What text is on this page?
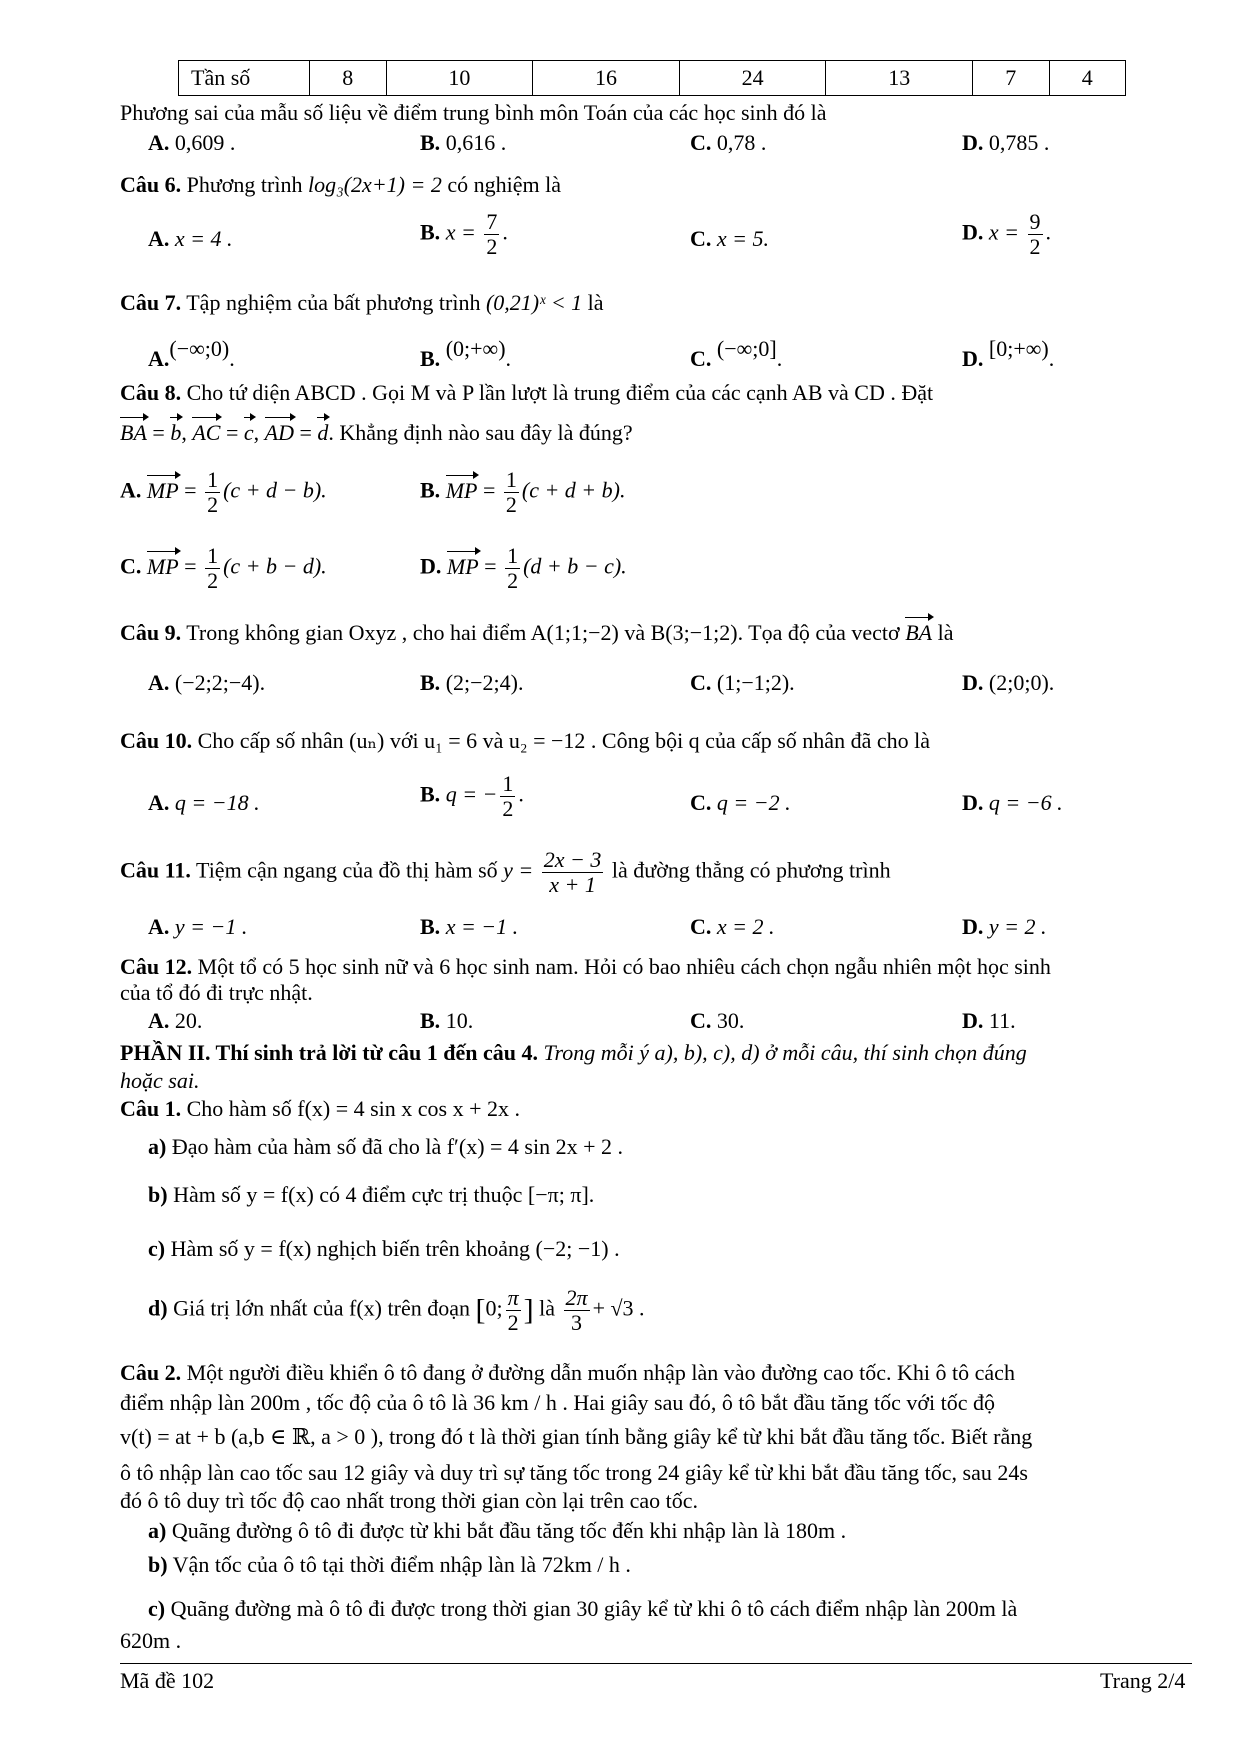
Tần số	8	10	16	24	13	7	4
Phương sai của mẫu số liệu về điểm trung bình môn Toán của các học sinh đó là
A. 0,609 .	B. 0,616 .	C. 0,78 .	D. 0,785 .
Câu 6. Phương trình log₃(2x+1) = 2 có nghiệm là
A. x = 4 .	B. $x = \frac{7}{2}$ .	C. x = 5.	D. $x = \frac{9}{2}$ .
Câu 7. Tập nghiệm của bất phương trình (0,21)ˣ < 1 là
A.(−∞;0).	B. (0;+∞).	C. (−∞;0].	D. [0;+∞).
Câu 8. Cho tứ diện ABCD . Gọi M và P lần lượt là trung điểm của các cạnh AB và CD . Đặt
BA = b, AC = c, AD = d. Khẳng định nào sau đây là đúng?
A. MP = $\frac{1}{2} (c + d - b)$.	B. MP = $\frac{1}{2} (c + d + b)$.
C. MP = $\frac{1}{2} (c + b - d)$.	D. MP = $\frac{1}{2} (d + b - c)$.
Câu 9. Trong không gian Oxyz , cho hai điểm A(1;1;−2) và B(3;−1;2). Tọa độ của vectơ BA là
A. (−2;2;−4).	B. (2;−2;4).	C. (1;−1;2).	D. (2;0;0).
Câu 10. Cho cấp số nhân (uₙ) với u₁ = 6 và u₂ = −12 . Công bội q của cấp số nhân đã cho là
A. q = −18 .	B. q = − $\frac{1}{2}$ .	C. q = −2 .	D. q = −6 .
Câu 11. Tiệm cận ngang của đồ thị hàm số $y = \frac{2x - 3}{x + 1}$ là đường thẳng có phương trình
A. y = −1 .	B. x = −1 .	C. x = 2 .	D. y = 2 .
Câu 12. Một tổ có 5 học sinh nữ và 6 học sinh nam. Hỏi có bao nhiêu cách chọn ngẫu nhiên một học sinh
của tổ đó đi trực nhật.
A. 20.	B. 10.	C. 30.	D. 11.
PHẦN II. Thí sinh trả lời từ câu 1 đến câu 4. Trong mỗi ý a), b), c), d) ở mỗi câu, thí sinh chọn đúng
hoặc sai.
Câu 1. Cho hàm số f(x) = 4 sin x cos x + 2x .
a) Đạo hàm của hàm số đã cho là f′(x) = 4 sin 2x + 2 .
b) Hàm số y = f(x) có 4 điểm cực trị thuộc [−π; π].
c) Hàm số y = f(x) nghịch biến trên khoảng (−2; −1) .
d) Giá trị lớn nhất của f(x) trên đoạn [0; $\frac{\pi}{2}$ ] là $\frac{2\pi}{3} + √3$ .
Câu 2. Một người điều khiển ô tô đang ở đường dẫn muốn nhập làn vào đường cao tốc. Khi ô tô cách
điểm nhập làn 200m , tốc độ của ô tô là 36 km / h . Hai giây sau đó, ô tô bắt đầu tăng tốc với tốc độ
v(t) = at + b (a,b ∈ ℝ, a > 0 ), trong đó t là thời gian tính bằng giây kể từ khi bắt đầu tăng tốc. Biết rằng
ô tô nhập làn cao tốc sau 12 giây và duy trì sự tăng tốc trong 24 giây kể từ khi bắt đầu tăng tốc, sau 24s
đó ô tô duy trì tốc độ cao nhất trong thời gian còn lại trên cao tốc.
a) Quãng đường ô tô đi được từ khi bắt đầu tăng tốc đến khi nhập làn là 180m .
b) Vận tốc của ô tô tại thời điểm nhập làn là 72km / h .
c) Quãng đường mà ô tô đi được trong thời gian 30 giây kể từ khi ô tô cách điểm nhập làn 200m là
620m .
Mã đề 102	Trang 2/4
